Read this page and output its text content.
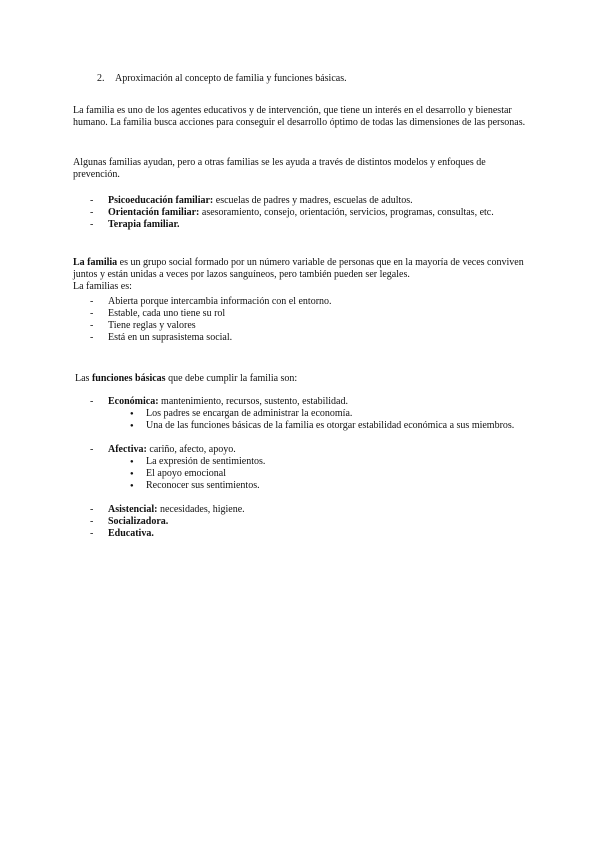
2. Aproximación al concepto de familia y funciones básicas.

La familia es uno de los agentes educativos y de intervención, que tiene un interés en el desarrollo y bienestar humano. La familia busca acciones para conseguir el desarrollo óptimo de todas las dimensiones de las personas.

Algunas familias ayudan, pero a otras familias se les ayuda a través de distintos modelos y enfoques de prevención.

- Psicoeducación familiar: escuelas de padres y madres, escuelas de adultos.
- Orientación familiar: asesoramiento, consejo, orientación, servicios, programas, consultas, etc.
- Terapia familiar.

La familia es un grupo social formado por un número variable de personas que en la mayoría de veces conviven juntos y están unidas a veces por lazos sanguíneos, pero también pueden ser legales.
La familias es:

- Abierta porque intercambia información con el entorno.
- Estable, cada uno tiene su rol
- Tiene reglas y valores
- Está en un suprasistema social.

Las funciones básicas que debe cumplir la familia son:

- Económica: mantenimiento, recursos, sustento, estabilidad.
● Los padres se encargan de administrar la economía.
● Una de las funciones básicas de la familia es otorgar estabilidad económica a sus miembros.
- Afectiva: cariño, afecto, apoyo.
● La expresión de sentimientos.
● El apoyo emocional
● Reconocer sus sentimientos.
- Asistencial: necesidades, higiene.
- Socializadora.
- Educativa.
